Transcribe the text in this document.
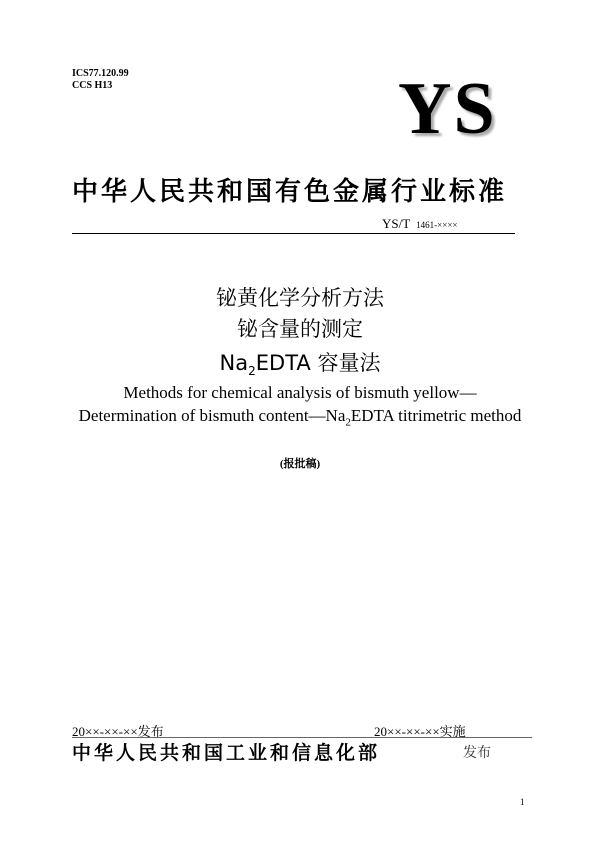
ICS77.120.99
CCS H13	YS
中华人民共和国有色金属行业标准
YS/T 1461-××××
铋黄化学分析方法
铋含量的测定
$Na_2EDTA$ 容量法
Methods for chemical analysis of bismuth yellow—
Determination of bismuth $content—Na_2EDTA$ titrimetric method
(报批稿)
20××-××-××发布	20××-××-××实施
中华人民共和国工业和信息化部	发布
1
